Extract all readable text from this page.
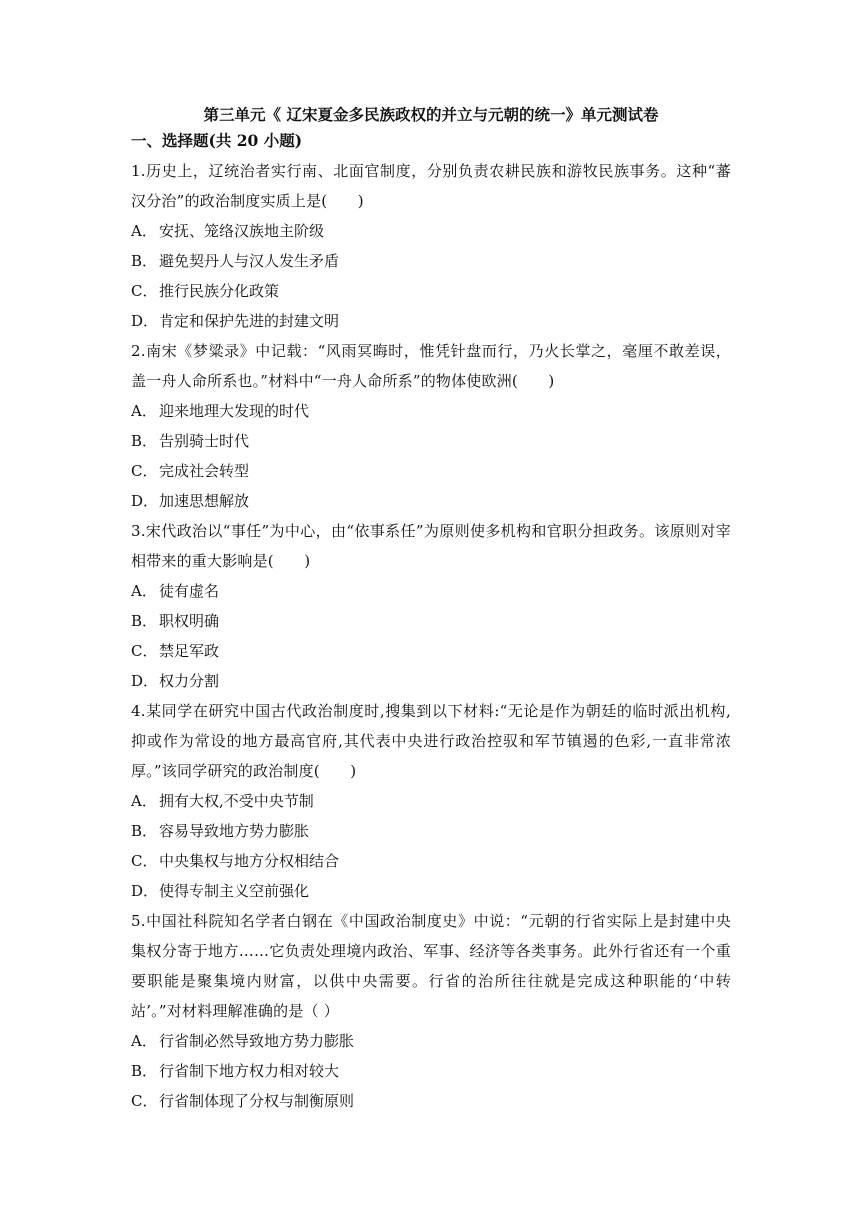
第三单元《 辽宋夏金多民族政权的并立与元朝的统一》单元测试卷
一、选择题(共 20 小题)

1.历史上，辽统治者实行南、北面官制度，分别负责农耕民族和游牧民族事务。这种“蕃汉分治”的政治制度实质上是(　　)

A． 安抚、笼络汉族地主阶级
B． 避免契丹人与汉人发生矛盾
C． 推行民族分化政策
D．肯定和保护先进的封建文明

2.南宋《梦粱录》中记载：“风雨冥晦时，惟凭针盘而行，乃火长掌之，毫厘不敢差误，盖一舟人命所系也。”材料中“一舟人命所系”的物体使欧洲(　　)

A． 迎来地理大发现的时代
B． 告别骑士时代
C． 完成社会转型
D．加速思想解放

3.宋代政治以“事任”为中心，由“依事系任”为原则使多机构和官职分担政务。该原则对宰相带来的重大影响是(　　)

A． 徒有虚名
B． 职权明确
C． 禁足军政
D．权力分割

4.某同学在研究中国古代政治制度时,搜集到以下材料:“无论是作为朝廷的临时派出机构,抑或作为常设的地方最高官府,其代表中央进行政治控驭和军节镇遏的色彩,一直非常浓厚。”该同学研究的政治制度(　　)

A． 拥有大权,不受中央节制
B． 容易导致地方势力膨胀
C． 中央集权与地方分权相结合
D．使得专制主义空前强化

5.中国社科院知名学者白钢在《中国政治制度史》中说：“元朝的行省实际上是封建中央集权分寄于地方……它负责处理境内政治、军事、经济等各类事务。此外行省还有一个重要职能是聚集境内财富，以供中央需要。行省的治所往往就是完成这种职能的‘中转站’。”对材料理解准确的是（ ）

A． 行省制必然导致地方势力膨胀
B． 行省制下地方权力相对较大
C． 行省制体现了分权与制衡原则
